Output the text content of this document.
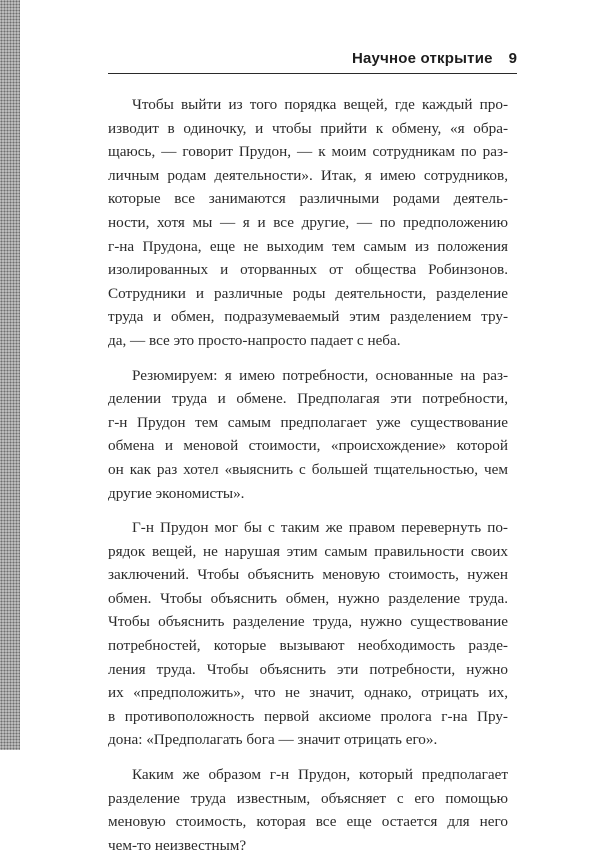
Научное открытие 9

Чтобы выйти из того порядка вещей, где каждый про-
изводит в одиночку, и чтобы прийти к обмену, «я обра-
щаюсь, — говорит Прудон, — к моим сотрудникам по раз-
личным родам деятельности». Итак, я имею сотрудников,
которые все занимаются различными родами деятель-
ности, хотя мы — я и все другие, — по предположению
г-на Прудона, еще не выходим тем самым из положения
изолированных и оторванных от общества Робинзонов.
Сотрудники и различные роды деятельности, разделение
труда и обмен, подразумеваемый этим разделением тру-
да, — все это просто-напросто падает с неба.

Резюмируем: я имею потребности, основанные на раз-
делении труда и обмене. Предполагая эти потребности,
г-н Прудон тем самым предполагает уже существование
обмена и меновой стоимости, «происхождение» которой
он как раз хотел «выяснить с большей тщательностью, чем
другие экономисты».

Г-н Прудон мог бы с таким же правом перевернуть по-
рядок вещей, не нарушая этим самым правильности своих
заключений. Чтобы объяснить меновую стоимость, нужен
обмен. Чтобы объяснить обмен, нужно разделение труда.
Чтобы объяснить разделение труда, нужно существование
потребностей, которые вызывают необходимость разде-
ления труда. Чтобы объяснить эти потребности, нужно
их «предположить», что не значит, однако, отрицать их,
в противоположность первой аксиоме пролога г-на Пру-
дона: «Предполагать бога — значит отрицать его».

Каким же образом г-н Прудон, который предполагает
разделение труда известным, объясняет с его помощью
меновую стоимость, которая все еще остается для него
чем-то неизвестным?
